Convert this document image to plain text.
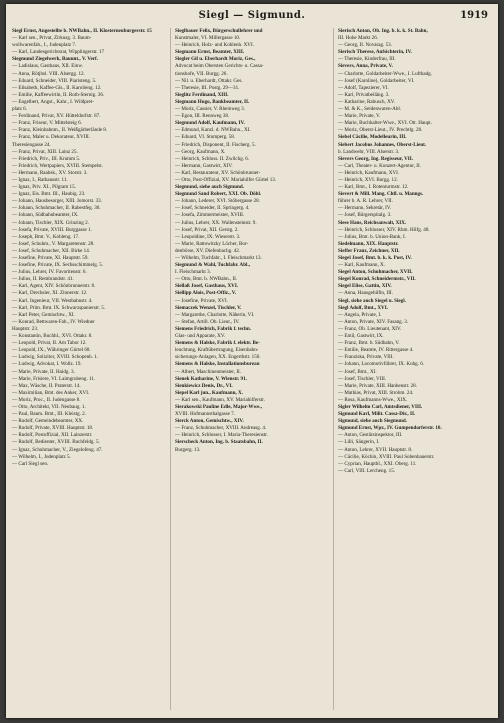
Siegl — Sigmund.	1919
Siegl Ernst, Angestellte b. NWBahn., II. Klosterneuburgerstr. 15
— Karl sen., Privat, Zirkusg. 3. Baum-
wollwarenfab., I., Judenplatz 7.
— Karl, Landesgerichtsrat, Wipplingerstr. 17
Siegmund Ziegelwerk, Bauunt., V. Verf.
— Ladislaus, Gasthaus, XII. Einw.
— Anna, Rötjbsl. VIII. Alsergg. 12.
— Eduard, Schneider, VIII. Piaristeng. 5.
— Elisabeth, Kaffee-Gls., II. Karolieng. 12.
— Emilie, Kaffeewirtin, II. Roth-Sternig. 36.
— Engelbert, Angst., Kahr., I. Wildpret-
platz 6.
— Ferdinand, Privat, XV. Hütteldorfstr. 87.
— Franz, Friseur, V. Mittelsteig 6.
— Franz, Kleinbahnm., II. Weißgärberlände 8.
— Franz, Maler u. Dekorateur, XVIII.
Theresiengasse 24.
— Franz, Privat, XIII. Lainz 25.
— Friedrich, Priv., III. Krumm 5.
— Friedrich, Wertpapiers, XVIII. Stempelst.
— Hermann, Raabsk., XV. Storstr. 3.
— Ignaz, I., Rathausstr. 11.
— Ignaz, Priv. XI., Pilgram 15.
— Ignaz, Eis. Bmt. III., Haubig. 23.
— Johann, Hausbesorger, XIII. Jomorst. 33.
— Johann, Schuhmacher, II. Rabestfeg. 30.
— Johann, Südbahnbeamter, IX.
— Johann, Tischler, XIX. Grinzing 2.
— Josefa, Private, XVIII. Burggasse 1.
— Joseph, Bmt. V., Kohleng. 17.
— Josef, Schuhm., V. Margaretenstr. 28.
— Josef, Schuhmacher, XII. Birke 14.
— Josefine, Private, XI. Hauptstr. 59.
— Josefine, Private, IX. Sechsschimmelg. 5.
— Julius, Lehrer, IV. Favoritenstr. 6.
— Julius, II. Rembrandstr. 41.
— Karl, Agent, XIV. Schönbrunnerstr. 8.
— Karl, Drechsler, XI. Zinnerstr. 12.
— Karl, Ingenieur, VII. Westbahnstr. 4.
— Karl, Prim. Bmt. IX. Schwarzspanierstr. 5.
— Karl Peter, Gemischtw., XI.
— Konrad, Bettwaren-Fab., IV. Wiedner
Hauptstr. 23.
— Konstantin, Buchhl., XVI. Ottakr. 8.
— Leopold, Privat, II. Am Tabor 12.
— Leopold, IX., Währinger Gürtel 68.
— Ludwig, Solizitor, XVIII. Schopenh. 1.
— Ludwig, Advokat, I. Wollz. 19.
— Marie, Private, II. Haidg. 3.
— Marie, Frisiere, VI. Laimgrubeng. 11.
— Max, Wäsche, II. Praterstr. 14.
— Maximilian, Bmt. des Anker, XVI.
— Moriz, Proc., II. Judengasse 8.
— Otto, Architekt, VII. Neubaug. 1.
— Paul, Baum. Bmt., III. Kleistg. 2.
— Rudolf, Gemeindebeamter, XX.
— Rudolf, Private, XVIII. Hauptstr. 18.
— Rudolf, Postoffizial, XII. Lainzerstr.
— Rudolf, Bedienter, XVIII. Buchfeldg. 5.
— Ignaz, Schuhmacher, V., Ziegelofeng. 47.
— Wilhelm, I., Judenplatz 5.
— Carl Siegl sen.
Sieglbauer Felix, Bürgerschullehrer und
Kunstmaler, VI. Millergasse 10.
— Heinrich, Holz- und Kohlenh. XVI.
Siegmann Ernst, Beamter, XIII.
Siegler Gil u. Eberhardt Moriz, Ges.,
Advocat beim Obersten Gerichts- u. Cassa-
tionshofe, VII. Burgg. 26.
— Nil. u. Eberhardt, Ottakr. Ges.
— Theresie, III. Postg. 29—31.
Sieglitz Ferdinand, XIII.
Siegmann Hugo, Bankbeamter, II.
— Moriz, Cassier, V. Rheinweg 3.
— Egon, III. Rennweg 38.
Siegmund Adolf, Kaufmann, IV.
— Edmund, Kanzl. d. NWBahn., XI.
— Eduard, VI. Stumperg. 58.
— Friedrich, Disponent, II. Fischerg. 5.
— Georg, Kaufmann, X.
— Heinrich, Schloss. II. Zwilchg. 6.
— Hermann, Gastwirt, XIV.
— Karl, Restaurateur, XV. Schönbrunner-
— Otto, Post-Offizial, XV. Mariahilfer Gürtel 13.
Siegmund, siehe auch Sigmund.
Siegmund Sand Robert, XXI. Ob. Döbl.
— Johann, Lederer, XVI. Stöbergasse 28.
— Josef, Schneider, II. Springerg. 4.
— Josefa, Zimmermeister, XVIII.
— Julius, Lehrer, XX. Wallensteinstr. 9.
— Josef, Privat, XII. Gerstg. 2.
— Leopoldine, IX. Wieserstr. 3.
— Marie, Rattowitzky Löcher, Bor-
denbörse, XV. Diefenbachg. 42.
— Wilhelm, Tuchfabr., I. Fleischmarkt 13.
Siegmund & Wahl, Tuchfabr. Abl.,
I. Fleischmarkt 3.
— Otto, Bmt. b. NWBahn., II.
Siellaß Josef, Gasthaus, XVI.
Siellipp Alois, Post-Offiz., V.
— Josefine, Private, XVI.
Siemaczek Wenzel, Tischler, V.
— Margarethe, Charlotte, Näherin, VI.
— Stefan, Artill. Ob. Lieut., IV.
Siemens Friedrich, Fabrik f. techn.
Glas- und Apparate, XV.
Siemens & Halske, Fabrik f. elektr. Be-
leuchtung, Kraftübertragung, Eisenbahn-
sicherungs-Anlagen, XX. Engerthstr. 150.
Siemens & Halske, Installationsbureau
— Albert, Maschinenmeister, II.
Sienek Katharine, V. Wienstr. 91.
Sienkiewicz Denis, Dr., VI.
Siepel Karl jun., Kaufmann, X.
— Karl sen., Kaufmann, XV. Mariahilferstr.
Sierakowski Pauline Edle, Major-Wwe.,
XVIII. Hofmannsthalgasse 7.
Sierck Anton, Gemischtw., XIV.
— Franz, Schuhmacher, XVIII. Andreasg. 4.
— Heinrich, Schlosser, I. Maria-Theresienstr.
Sierscheck Anton, Ing. b. Staatsbahn, II.
Burgerg. 13.
Sierisch Anton, Ob. Ing. b. k. k. St. Bahn,
III. Hohe Markt 26.
— Georg, II. Novarag. 53.
Sierisch Therese, Aufsichterin, IV.
— Theresie, Kinderfrau, III.
Sievers, Anna, Private, V.
— Charlotte, Goldarbeiter-Wwe., I. Luftbadg.
— Josef (Karoline), Goldarbeiter, VI.
— Adolf, Tapezierer, VI.
— Karl, Privatbeiläng. 3.
— Katharine, Rabusch, XV.
— M. & K., Seidenwaren-Abl.
— Marie, Private, V.
— Marie, Buchhalter-Wwe., XVI. Ott. Haupt.
— Moriz, Oberst-Lieut., IV. Prechtlg. 28.
Siebel Cäcilie, Modelleurin, III.
Siebert Jacobus Johannes, Oberst-Lieut.
b. Landwehr, VIII. Alserstr. 3.
Sievers Georg, Ing. Regisseur, VII.
— Carl, Theater- u. Konzert-Agentur, II.
— Heinrich, Kaufmann, XVI.
— Heinrich, XVI. Burgg. 12.
— Karl, Bmt., I. Rotenturmstr. 12.
Sievert & Mill. Mang. Chfl. u. Manngs.
führer b. A. R. Lehrer, VII.
— Hermann, Sekretär, IV.
— Josef, Bürgerspitalg. 3.
Siese Hans, Reichsanwalt, XIX.
— Heinrich, Schlosser, XIV. Rhm. Hilfg. 48.
— Julius, Bmt. b. Union-Bank, I.
Siedelmann, XIX. Hauptstr.
Sieffer Franz, Zeichner, XII.
Siegel Josef, Bmt. b. k. k. Post, IV.
— Karl, Kaufmann, X.
Siegel Anton, Schuhmacher, XVII.
Siegel Konrad, Schneidermstr., VII.
Siegel Elise, Gattin, XIV.
— Anna, Hausgehilfin, III.
Siegl, siehe auch Siegel u. Siegl.
Siegl Adolf, Bmt., XVI.
— Angela, Private, I.
— Anton, Private, XIV. Fasang. 3.
— Franz, Ob. Lieutenant, XIV.
— Emil, Gastwirt, IX.
— Franz, Bmt. b. Südbahn, V.
— Emilie, Beamte, IV. Rittergasse 4.
— Franziska, Private, VIII.
— Johann, Locomotivführer, IX. Kuhg. 6.
— Josef, Bmt., XI.
— Josef, Tischler, VIII.
— Marie, Private, XIII. Hanhenstr. 28.
— Mathias, Privat, XIII. Strohm. 24.
— Rosa, Kaufmanns-Wwe., XIX.
Sigler Wilhelm Carl, Amtsdiener, VIII.
Sigmund Karl, Milit. Cassa-Dir., II.
Sigmund, siehe auch Siegmund.
Sigmund Ernst, Wpr., IV. Gumpendorferstr. 10.
— Anton, Gestütsinspektor, III.
— Lilli, Sängerin, I.
— Anton, Lehrer, XVII. Hauptstr. 8.
— Cäcilie, Köchin, XVIII. Paul Sobenhauerstr.
— Cyprian, Hauptbl., XXI. Oberg. 11.
— Carl, VIII. Lercheng. 15.
